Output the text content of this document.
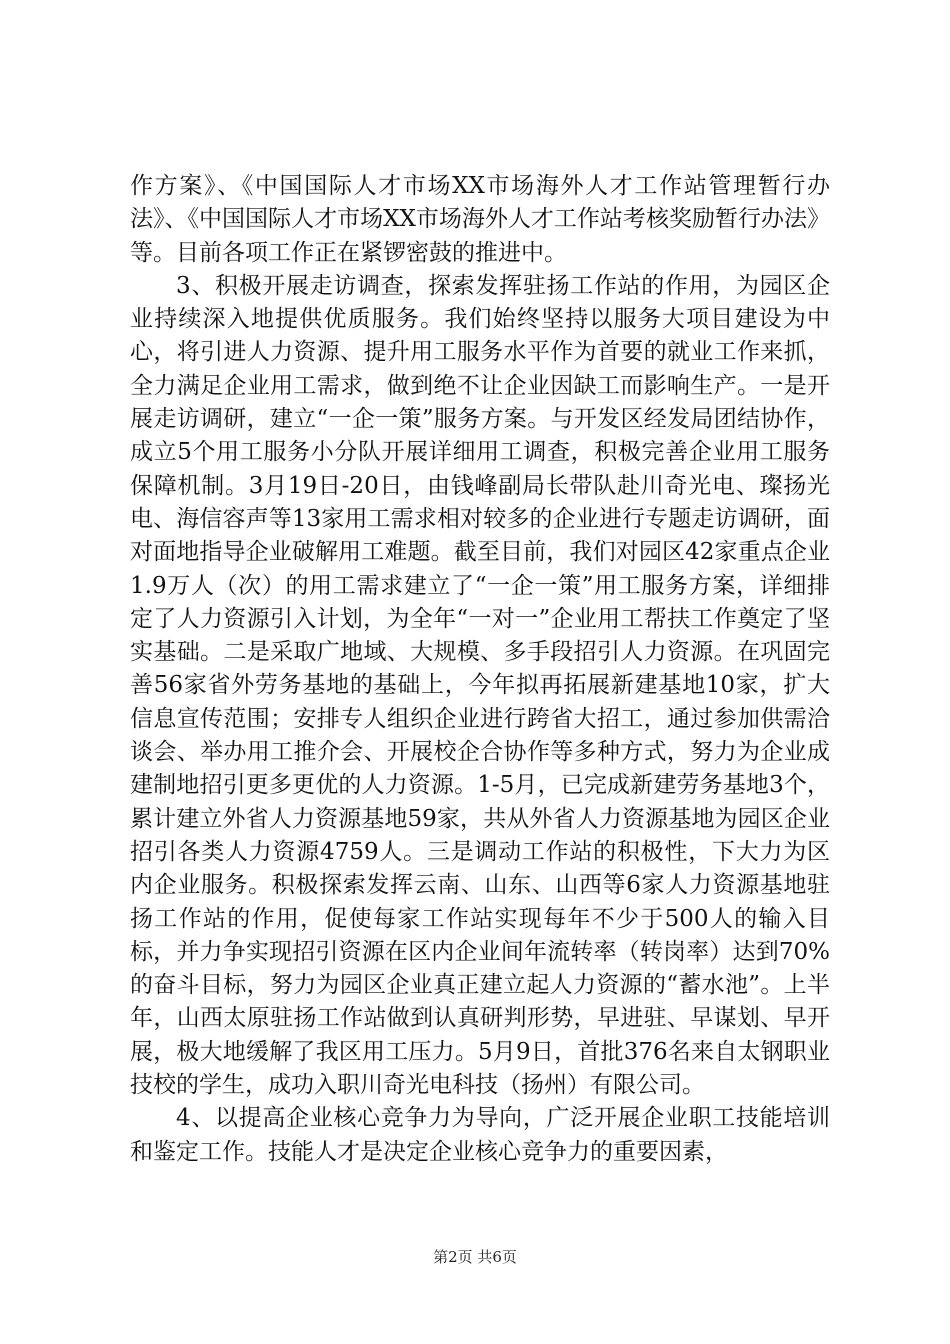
作方案》、《中国国际人才市场XX市场海外人才工作站管理暂行办法》、《中国国际人才市场XX市场海外人才工作站考核奖励暂行办法》等。目前各项工作正在紧锣密鼓的推进中。

3、积极开展走访调查，探索发挥驻扬工作站的作用，为园区企业持续深入地提供优质服务。我们始终坚持以服务大项目建设为中心，将引进人力资源、提升用工服务水平作为首要的就业工作来抓，全力满足企业用工需求，做到绝不让企业因缺工而影响生产。一是开展走访调研，建立“一企一策”服务方案。与开发区经发局团结协作，成立5个用工服务小分队开展详细用工调查，积极完善企业用工服务保障机制。3月19日-20日，由钱峰副局长带队赴川奇光电、璨扬光电、海信容声等13家用工需求相对较多的企业进行专题走访调研，面对面地指导企业破解用工难题。截至目前，我们对园区42家重点企业1.9万人（次）的用工需求建立了“一企一策”用工服务方案，详细排定了人力资源引入计划，为全年“一对一”企业用工帮扶工作奠定了坚实基础。二是采取广地域、大规模、多手段招引人力资源。在巩固完善56家省外劳务基地的基础上，今年拟再拓展新建基地10家，扩大信息宣传范围；安排专人组织企业进行跨省大招工，通过参加供需洽谈会、举办用工推介会、开展校企合协作等多种方式，努力为企业成建制地招引更多更优的人力资源。1-5月，已完成新建劳务基地3个，累计建立外省人力资源基地59家，共从外省人力资源基地为园区企业招引各类人力资源4759人。三是调动工作站的积极性，下大力为区内企业服务。积极探索发挥云南、山东、山西等6家人力资源基地驻扬工作站的作用，促使每家工作站实现每年不少于500人的输入目标，并力争实现招引资源在区内企业间年流转率（转岗率）达到70%的奋斗目标，努力为园区企业真正建立起人力资源的“蓄水池”。上半年，山西太原驻扬工作站做到认真研判形势，早进驻、早谋划、早开展，极大地缓解了我区用工压力。5月9日，首批376名来自太钢职业技校的学生，成功入职川奇光电科技（扬州）有限公司。

4、以提高企业核心竞争力为导向，广泛开展企业职工技能培训和鉴定工作。技能人才是决定企业核心竞争力的重要因素，

第2页 共6页
